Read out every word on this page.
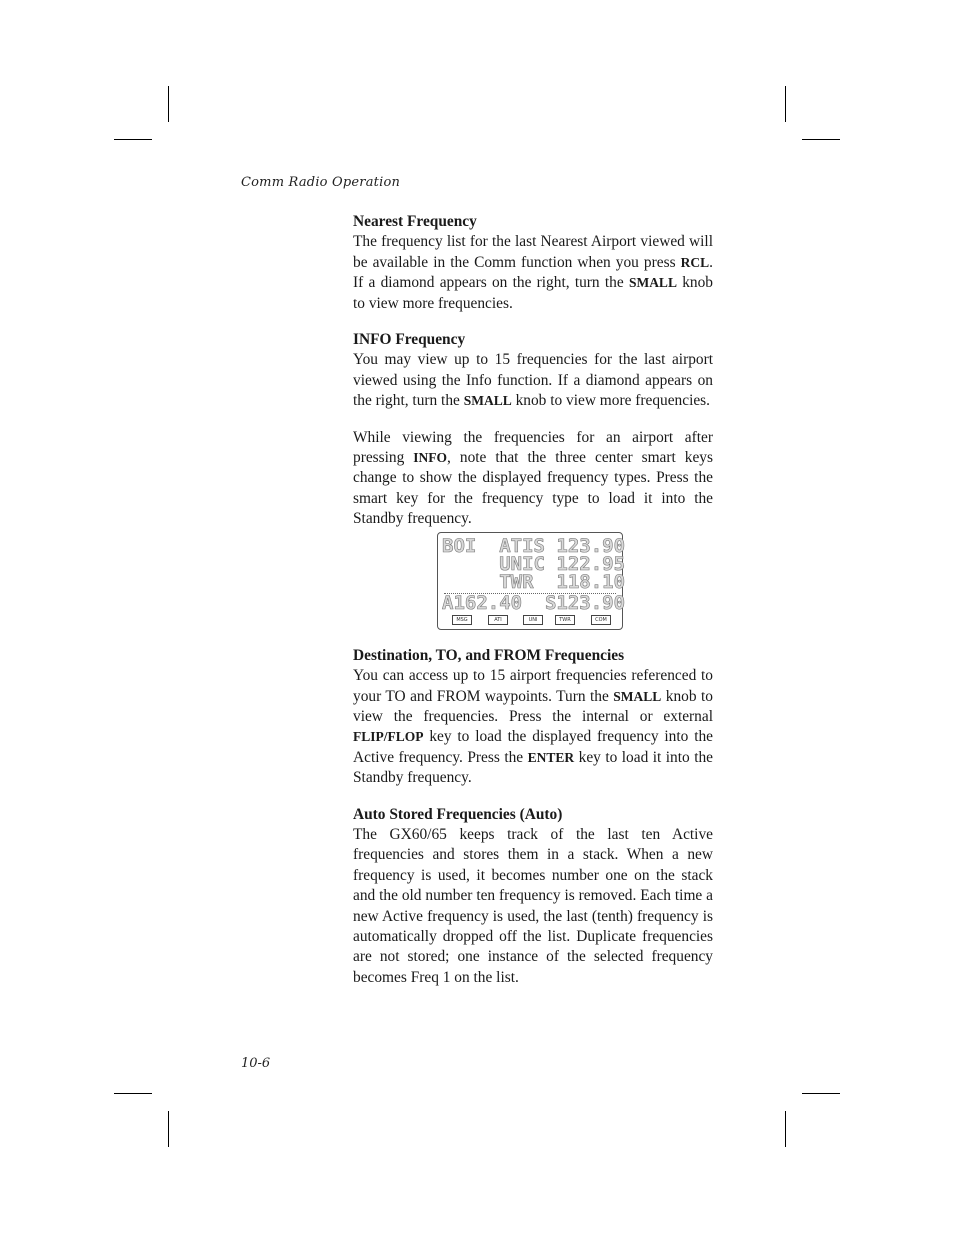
Comm Radio Operation
Nearest Frequency

The frequency list for the last Nearest Airport viewed will be available in the Comm function when you press RCL. If a diamond appears on the right, turn the SMALL knob to view more frequencies.

INFO Frequency

You may view up to 15 frequencies for the last airport viewed using the Info function. If a diamond appears on the right, turn the SMALL knob to view more frequencies.

While viewing the frequencies for an airport after pressing INFO, note that the three center smart keys change to show the displayed frequency types. Press the smart key for the frequency type to load it into the Standby frequency.

BOI  ATIS 123.90
UNIC 122.95
TWR  118.10
A162.40  S123.90
MSG	ATI	UNI	TWR	COM
Destination, TO, and FROM Frequencies

You can access up to 15 airport frequencies referenced to your TO and FROM waypoints. Turn the SMALL knob to view the frequencies. Press the internal or external FLIP/FLOP key to load the displayed frequency into the Active frequency. Press the ENTER key to load it into the Standby frequency.

Auto Stored Frequencies (Auto)

The GX60/65 keeps track of the last ten Active frequencies and stores them in a stack. When a new frequency is used, it becomes number one on the stack and the old number ten frequency is removed. Each time a new Active frequency is used, the last (tenth) frequency is automatically dropped off the list. Duplicate frequencies are not stored; one instance of the selected frequency becomes Freq 1 on the list.

10-6
